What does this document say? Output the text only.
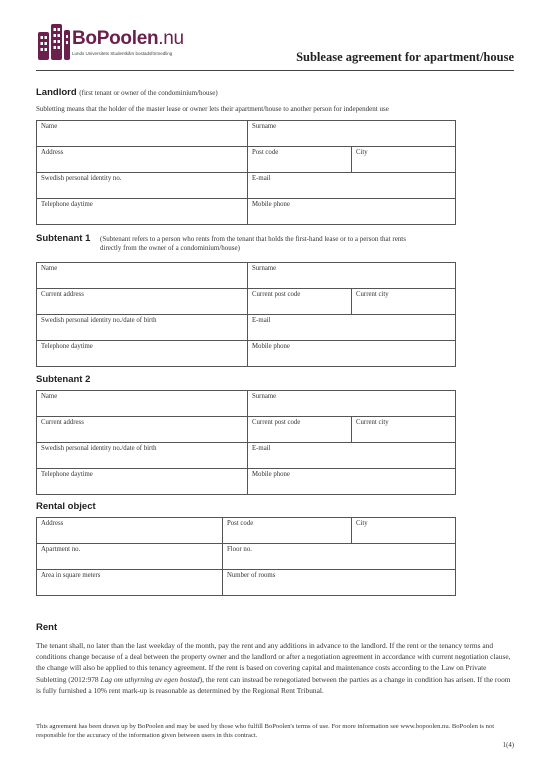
BoPoolen.nu
Lunds Universitets Studentkårs bostadsförmedling	Sublease agreement for apartment/house
Landlord (first tenant or owner of the condominium/house)
Subletting means that the holder of the master lease or owner lets their apartment/house to another person for independent use
Name	Surname	
Address	Post code	City
Swedish personal identity no.	E-mail	
Telephone daytime	Mobile phone	
Subtenant 1 (Subtenant refers to a person who rents from the tenant that holds the first-hand lease or to a person that rents
directly from the owner of a condominium/house)
Name	Surname	
Current address	Current post code	Current city
Swedish personal identity no./date of birth	E-mail	
Telephone daytime	Mobile phone	
Subtenant 2
Name	Surname	
Current address	Current post code	Current city
Swedish personal identity no./date of birth	E-mail	
Telephone daytime	Mobile phone	
Rental object
Address	Post code	City
Apartment no.	Floor no.	
Area in square meters	Number of rooms	
Rent

The tenant shall, no later than the last weekday of the month, pay the rent and any additions in advance to the landlord. If the rent or the tenancy terms and conditions change because of a deal between the property owner and the landlord or after a negotiation agreement in accordance with current negotiation clause, the change will also be applied to this tenancy agreement. If the rent is based on covering capital and maintenance costs according to the Law on Private Subletting (2012:978 Lag om uthyrning av egen bostad), the rent can instead be renegotiated between the parties as a change in condition has arisen. If the room is fully furnished a 10% rent mark-up is reasonable as determined by the Regional Rent Tribunal.

This agreement has been drawn up by BoPoolen and may be used by those who fulfill BoPoolen's terms of use. For more information see www.bopoolen.nu. BoPoolen is not responsible for the accuracy of the information given between users in this contract.

1(4)
